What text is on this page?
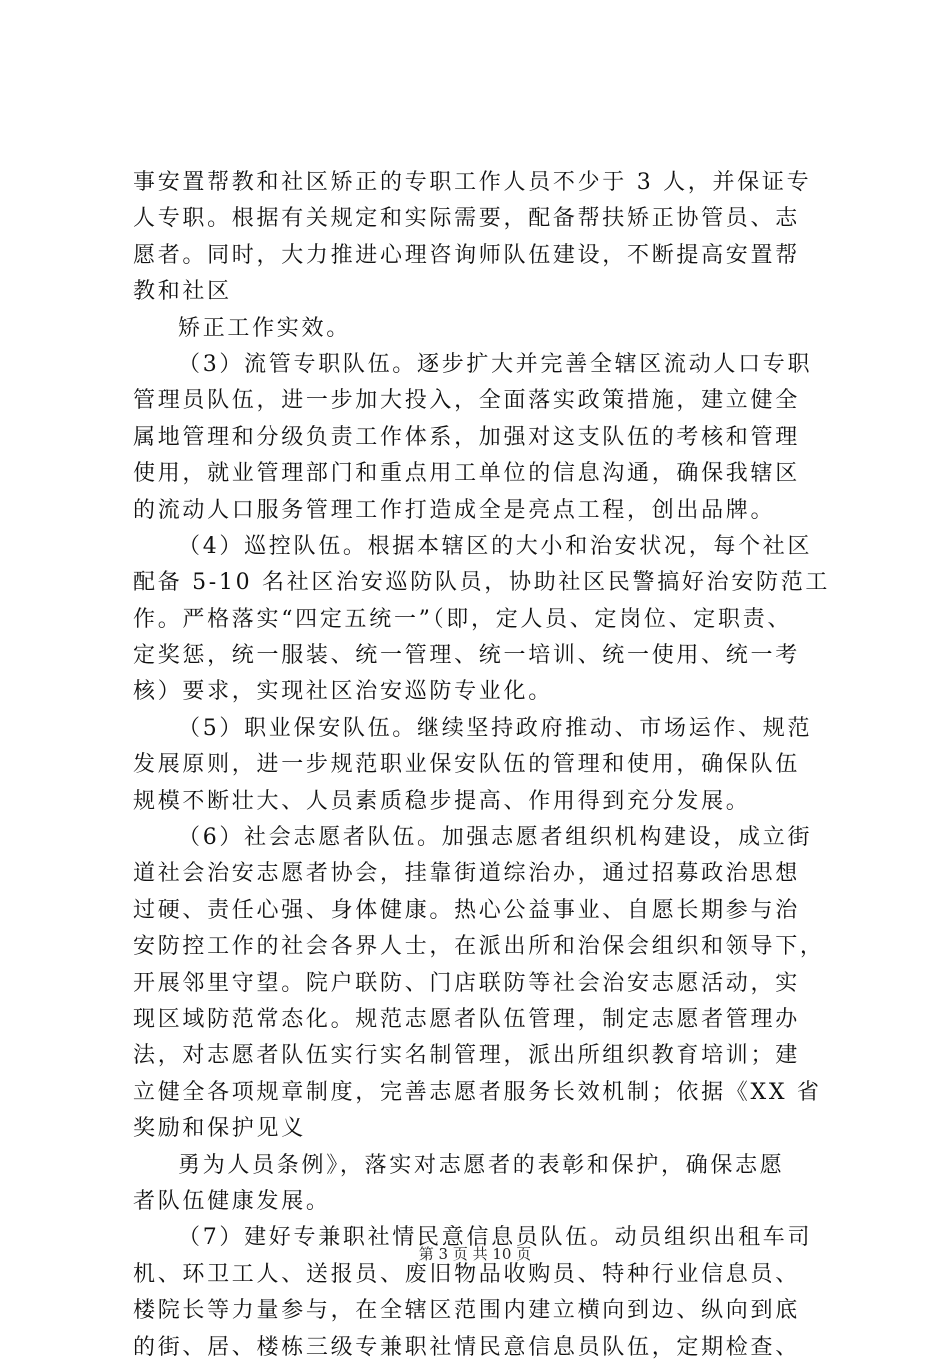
事安置帮教和社区矫正的专职工作人员不少于 3 人，并保证专
人专职。根据有关规定和实际需要，配备帮扶矫正协管员、志
愿者。同时，大力推进心理咨询师队伍建设，不断提高安置帮
教和社区
矫正工作实效。
（3）流管专职队伍。逐步扩大并完善全辖区流动人口专职
管理员队伍，进一步加大投入，全面落实政策措施，建立健全
属地管理和分级负责工作体系，加强对这支队伍的考核和管理
使用，就业管理部门和重点用工单位的信息沟通，确保我辖区
的流动人口服务管理工作打造成全是亮点工程，创出品牌。
（4）巡控队伍。根据本辖区的大小和治安状况，每个社区
配备 5-10 名社区治安巡防队员，协助社区民警搞好治安防范工
作。严格落实“四定五统一”（即，定人员、定岗位、定职责、
定奖惩，统一服装、统一管理、统一培训、统一使用、统一考
核）要求，实现社区治安巡防专业化。
（5）职业保安队伍。继续坚持政府推动、市场运作、规范
发展原则，进一步规范职业保安队伍的管理和使用，确保队伍
规模不断壮大、人员素质稳步提高、作用得到充分发展。
（6）社会志愿者队伍。加强志愿者组织机构建设，成立街
道社会治安志愿者协会，挂靠街道综治办，通过招募政治思想
过硬、责任心强、身体健康。热心公益事业、自愿长期参与治
安防控工作的社会各界人士，在派出所和治保会组织和领导下，
开展邻里守望。院户联防、门店联防等社会治安志愿活动，实
现区域防范常态化。规范志愿者队伍管理，制定志愿者管理办
法，对志愿者队伍实行实名制管理，派出所组织教育培训；建
立健全各项规章制度，完善志愿者服务长效机制；依据《XX 省
奖励和保护见义
勇为人员条例》，落实对志愿者的表彰和保护，确保志愿
者队伍健康发展。
（7）建好专兼职社情民意信息员队伍。动员组织出租车司
机、环卫工人、送报员、废旧物品收购员、特种行业信息员、
楼院长等力量参与，在全辖区范围内建立横向到边、纵向到底
的街、居、楼栋三级专兼职社情民意信息员队伍，定期检查、
第 3 页 共 10 页
